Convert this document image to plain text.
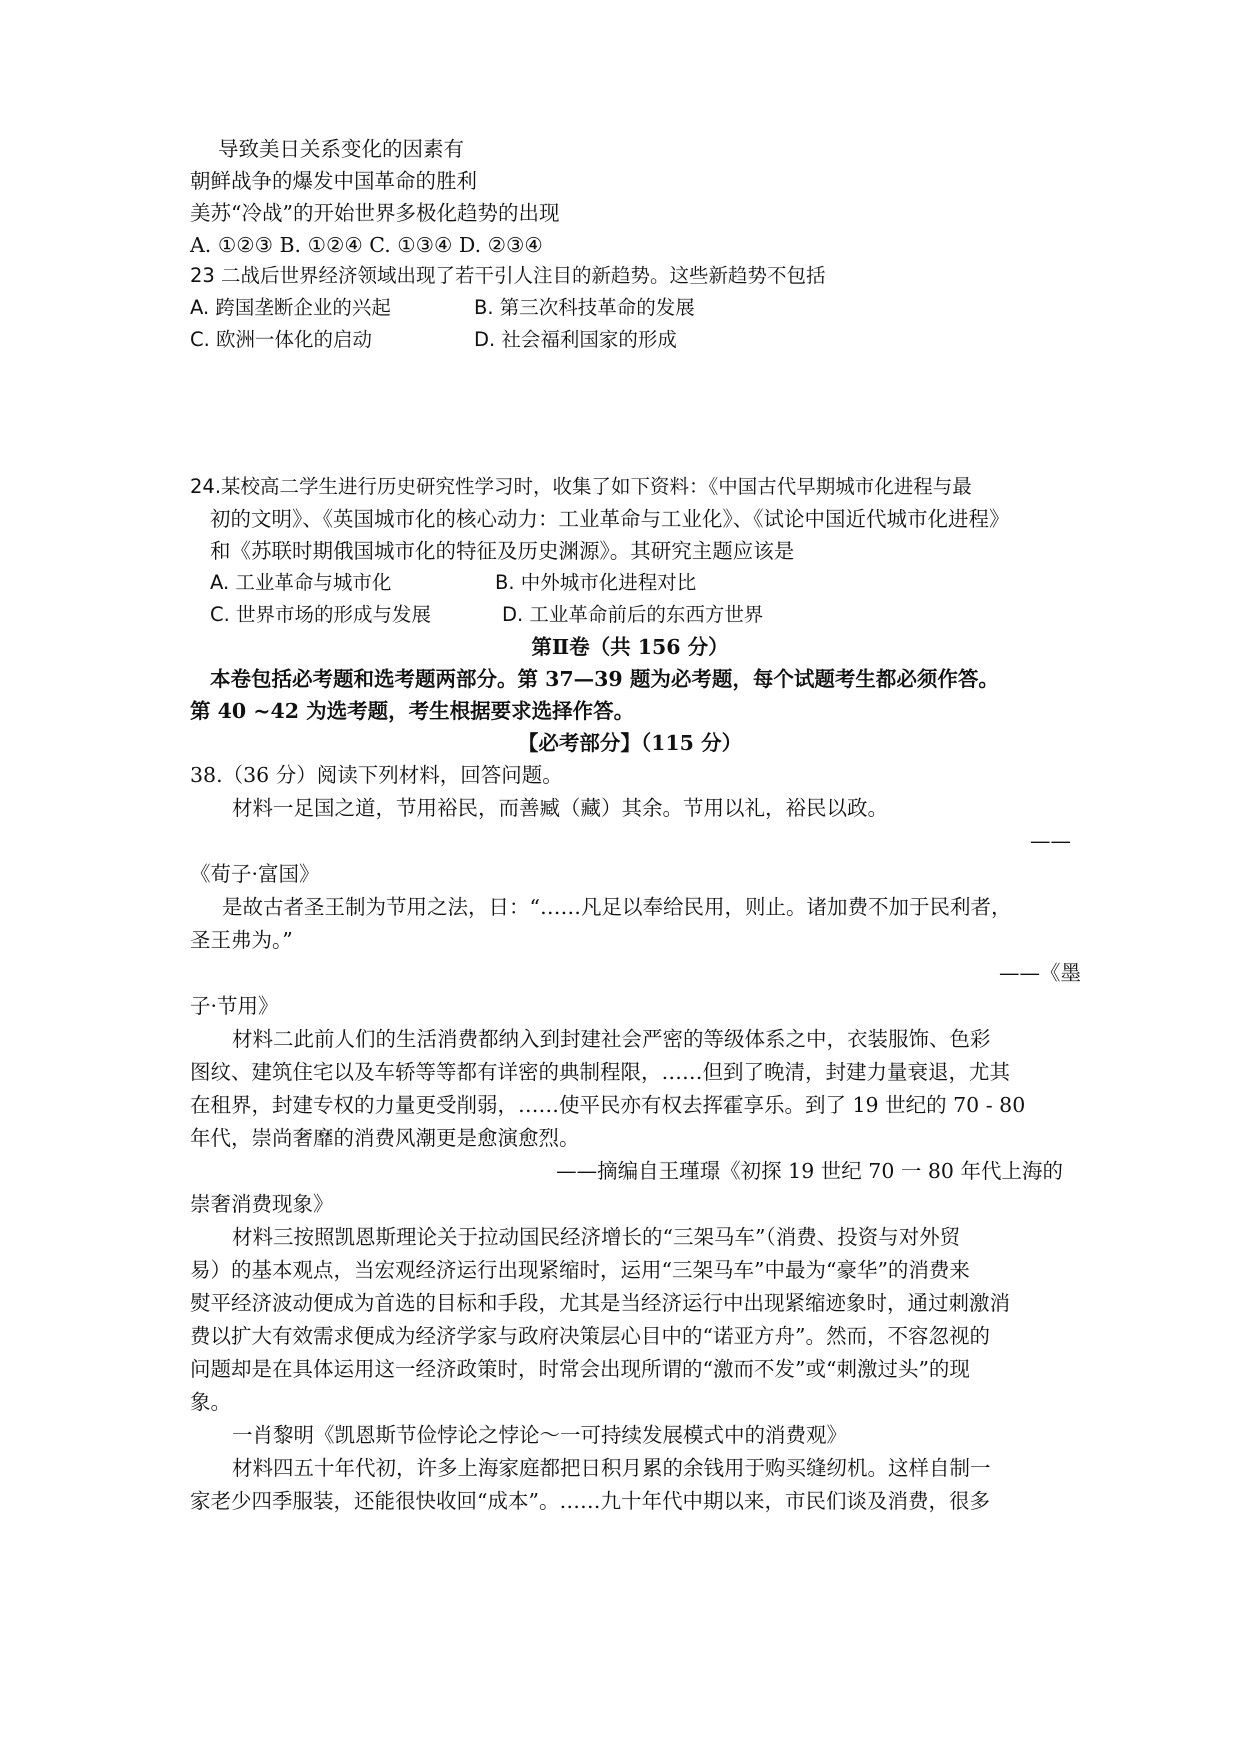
导致美日关系变化的因素有
朝鲜战争的爆发中国革命的胜利
美苏“冷战”的开始世界多极化趋势的出现
A. ①②③ B. ①②④ C. ①③④ D. ②③④
23 二战后世界经济领域出现了若干引人注目的新趋势。这些新趋势不包括
A. 跨国垄断企业的兴起	B. 第三次科技革命的发展
C. 欧洲一体化的启动	D. 社会福利国家的形成
24.某校高二学生进行历史研究性学习时，收集了如下资料：《中国古代早期城市化进程与最
初的文明》、《英国城市化的核心动力：工业革命与工业化》、《试论中国近代城市化进程》
和《苏联时期俄国城市化的特征及历史渊源》。其研究主题应该是
A. 工业革命与城市化	B. 中外城市化进程对比
C. 世界市场的形成与发展	D. 工业革命前后的东西方世界
第Ⅱ卷（共 156 分）
本卷包括必考题和选考题两部分。第 37—39 题为必考题，每个试题考生都必须作答。
第 40 ~42 为选考题，考生根据要求选择作答。
【必考部分】（115 分）
38.（36 分）阅读下列材料，回答问题。
材料一足国之道，节用裕民，而善臧（藏）其余。节用以礼，裕民以政。
——
《荀子·富国》
是故古者圣王制为节用之法，日：“……凡足以奉给民用，则止。诸加费不加于民利者，
圣王弗为。”
——《墨
子·节用》
材料二此前人们的生活消费都纳入到封建社会严密的等级体系之中，衣装服饰、色彩
图纹、建筑住宅以及车轿等等都有详密的典制程限，……但到了晚清，封建力量衰退，尤其
在租界，封建专权的力量更受削弱，……使平民亦有权去挥霍享乐。到了 19 世纪的 70 - 80
年代，崇尚奢靡的消费风潮更是愈演愈烈。
——摘编自王瑾璟《初探 19 世纪 70 一 80 年代上海的
崇奢消费现象》
材料三按照凯恩斯理论关于拉动国民经济增长的“三架马车”（消费、投资与对外贸
易）的基本观点，当宏观经济运行出现紧缩时，运用“三架马车”中最为“豪华”的消费来
熨平经济波动便成为首选的目标和手段，尤其是当经济运行中出现紧缩迹象时，通过刺激消
费以扩大有效需求便成为经济学家与政府决策层心目中的“诺亚方舟”。然而，不容忽视的
问题却是在具体运用这一经济政策时，时常会出现所谓的“激而不发”或“刺激过头”的现
象。
一肖黎明《凯恩斯节俭悖论之悖论～一可持续发展模式中的消费观》
材料四五十年代初，许多上海家庭都把日积月累的余钱用于购买缝纫机。这样自制一
家老少四季服装，还能很快收回“成本”。……九十年代中期以来，市民们谈及消费，很多
